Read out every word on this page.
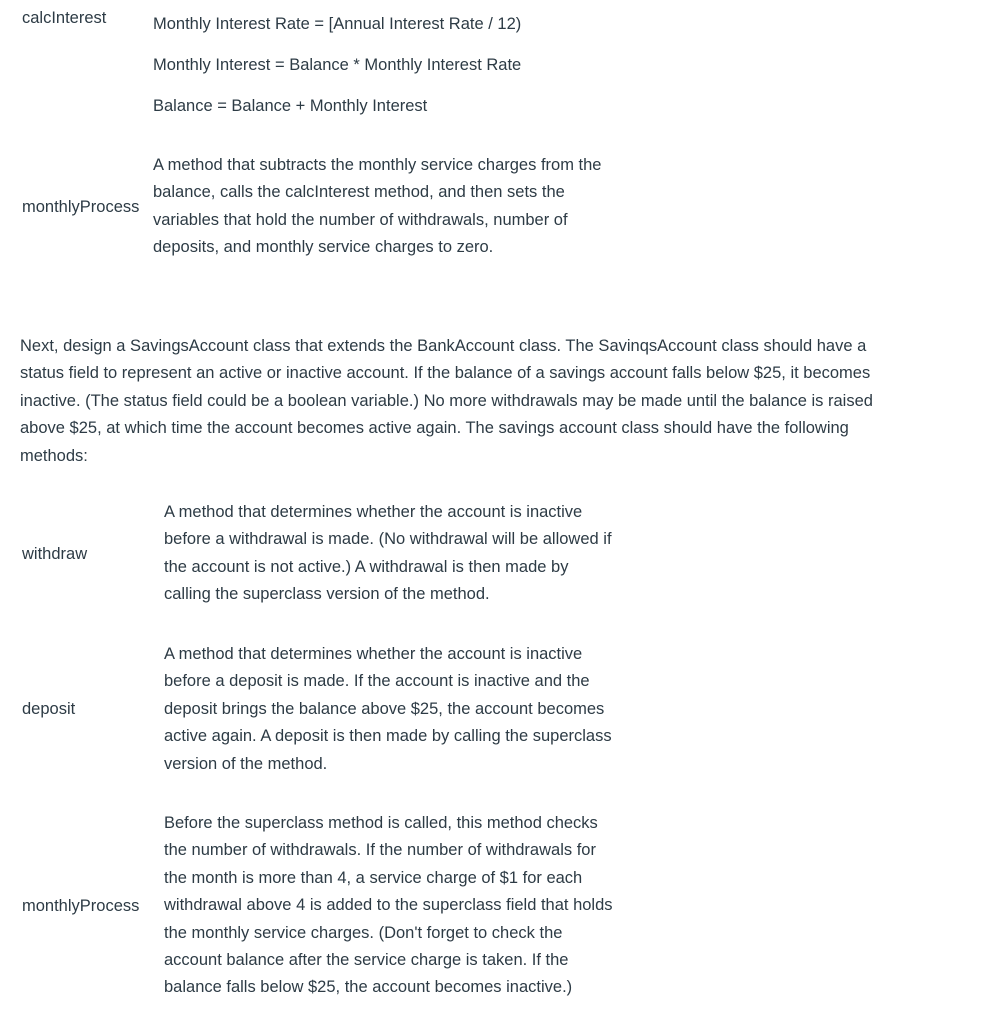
calcInterest	Monthly Interest Rate = [Annual Interest Rate / 12)
Monthly Interest = Balance * Monthly Interest Rate
Balance = Balance + Monthly Interest
monthlyProcess

A method that subtracts the monthly service charges from the

balance, calls the calcInterest method, and then sets the

variables that hold the number of withdrawals, number of

deposits, and monthly service charges to zero.

Next, design a SavingsAccount class that extends the BankAccount class. The SavinqsAccount class should have a

status field to represent an active or inactive account. If the balance of a savings account falls below $25, it becomes

inactive. (The status field could be a boolean variable.) No more withdrawals may be made until the balance is raised

above $25, at which time the account becomes active again. The savings account class should have the following

methods:

withdraw

A method that determines whether the account is inactive

before a withdrawal is made. (No withdrawal will be allowed if

the account is not active.) A withdrawal is then made by

calling the superclass version of the method.

deposit

A method that determines whether the account is inactive

before a deposit is made. If the account is inactive and the

deposit brings the balance above $25, the account becomes

active again. A deposit is then made by calling the superclass

version of the method.

monthlyProcess

Before the superclass method is called, this method checks

the number of withdrawals. If the number of withdrawals for

the month is more than 4, a service charge of $1 for each

withdrawal above 4 is added to the superclass field that holds

the monthly service charges. (Don't forget to check the

account balance after the service charge is taken. If the

balance falls below $25, the account becomes inactive.)
